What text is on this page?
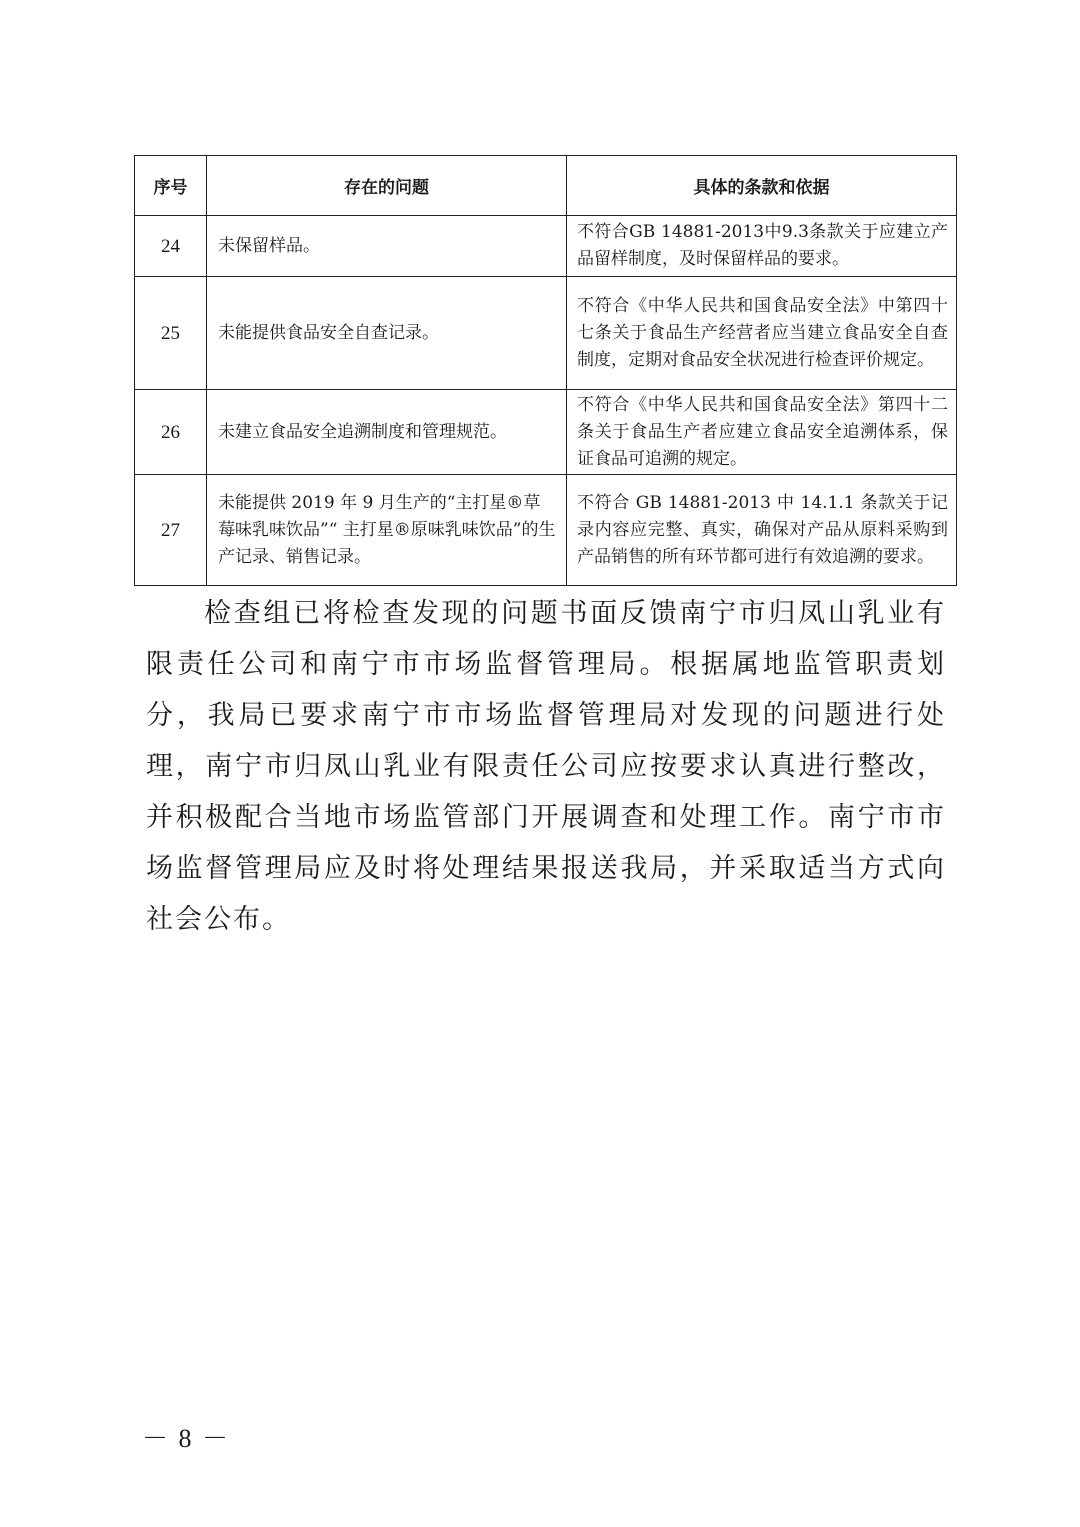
序号	存在的问题	具体的条款和依据
24	未保留样品。	不符合GB 14881-2013中9.3条款关于应建立产品留样制度，及时保留样品的要求。
25	未能提供食品安全自查记录。	不符合《中华人民共和国食品安全法》中第四十七条关于食品生产经营者应当建立食品安全自查制度，定期对食品安全状况进行检查评价规定。
26	未建立食品安全追溯制度和管理规范。	不符合《中华人民共和国食品安全法》第四十二条关于食品生产者应建立食品安全追溯体系，保证食品可追溯的规定。
27	未能提供 2019 年 9 月生产的“主打星®草莓味乳味饮品”“ 主打星®原味乳味饮品”的生产记录、销售记录。	不符合 GB 14881-2013 中 14.1.1 条款关于记录内容应完整、真实，确保对产品从原料采购到产品销售的所有环节都可进行有效追溯的要求。

检查组已将检查发现的问题书面反馈南宁市归凤山乳业有限责任公司和南宁市市场监督管理局。根据属地监管职责划分，我局已要求南宁市市场监督管理局对发现的问题进行处理，南宁市归凤山乳业有限责任公司应按要求认真进行整改，并积极配合当地市场监管部门开展调查和处理工作。南宁市市场监督管理局应及时将处理结果报送我局，并采取适当方式向社会公布。

－ 8 －
